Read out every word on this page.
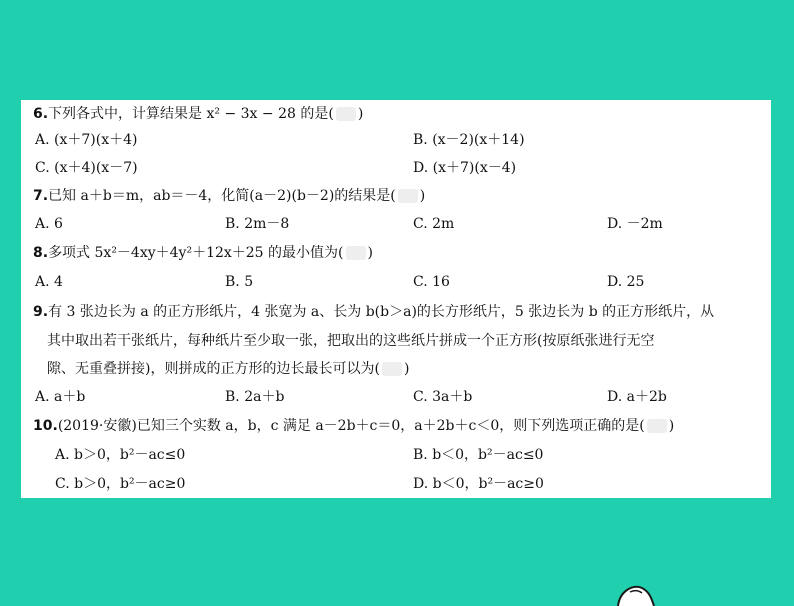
6.下列各式中，计算结果是 x² − 3x − 28 的是( )
A. (x＋7)(x＋4)	B. (x－2)(x＋14)
C. (x＋4)(x－7)	D. (x＋7)(x－4)
7.已知 a＋b＝m，ab＝－4，化简(a－2)(b－2)的结果是( )
A. 6	B. 2m－8	C. 2m	D. －2m
8.多项式 5x²－4xy＋4y²＋12x＋25 的最小值为( )
A. 4	B. 5	C. 16	D. 25
9.有 3 张边长为 a 的正方形纸片，4 张宽为 a、长为 b(b＞a)的长方形纸片，5 张边长为 b 的正方形纸片，从
其中取出若干张纸片，每种纸片至少取一张，把取出的这些纸片拼成一个正方形(按原纸张进行无空
隙、无重叠拼接)，则拼成的正方形的边长最长可以为( )
A. a＋b	B. 2a＋b	C. 3a＋b	D. a＋2b
10.(2019·安徽)已知三个实数 a，b，c 满足 a－2b＋c＝0，a＋2b＋c＜0，则下列选项正确的是( )
A. b＞0，b²－ac≤0	B. b＜0，b²－ac≤0
C. b＞0，b²－ac≥0	D. b＜0，b²－ac≥0
